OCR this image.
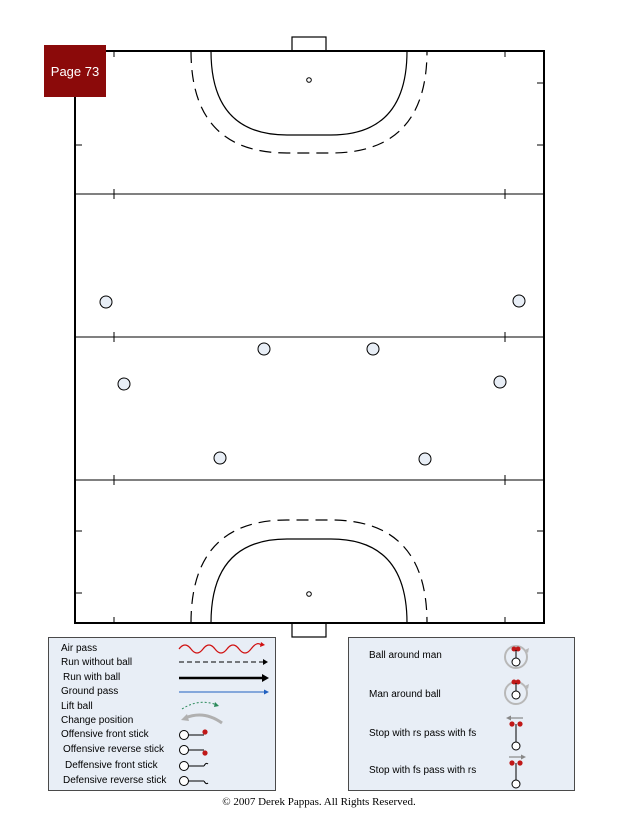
Page 73
Air pass
Run without ball
Run with ball
Ground pass
Lift ball
Change position
Offensive front stick
Offensive reverse stick
Deffensive front stick
Defensive reverse stick
Ball around man
Man around ball
Stop with rs pass with fs
Stop with fs pass with rs
© 2007 Derek Pappas. All Rights Reserved.
